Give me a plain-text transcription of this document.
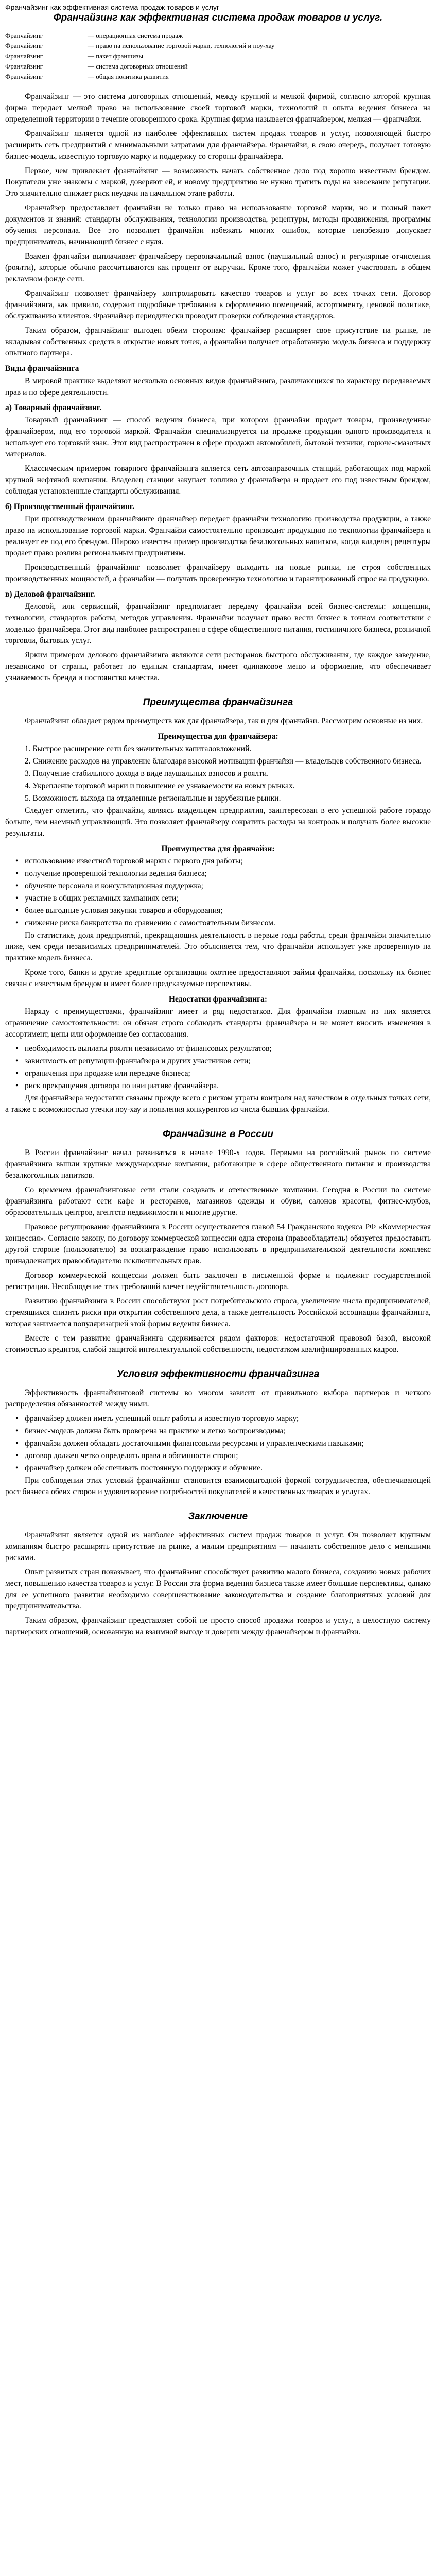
Франчайзинг как эффективная система продаж товаров и услуг
Франчайзинг как эффективная система продаж товаров и услуг.
Франчайзинг	— операционная система продаж
Франчайзинг	— право на использование торговой марки, технологий и ноу-хау
Франчайзинг	— пакет франшизы
Франчайзинг	— система договорных отношений
Франчайзинг	— общая политика развития
Франчайзинг — это система договорных отношений, между крупной и мелкой фирмой, согласно которой крупная фирма передает мелкой право на использование своей торговой марки, технологий и опыта ведения бизнеса на определенной территории в течение оговоренного срока. Крупная фирма называется франчайзером, мелкая — франчайзи.
Франчайзинг является одной из наиболее эффективных систем продаж товаров и услуг, позволяющей быстро расширить сеть предприятий с минимальными затратами для франчайзера. Франчайзи, в свою очередь, получает готовую бизнес-модель, известную торговую марку и поддержку со стороны франчайзера.
Первое, чем привлекает франчайзинг — возможность начать собственное дело под хорошо известным брендом. Покупатели уже знакомы с маркой, доверяют ей, и новому предприятию не нужно тратить годы на завоевание репутации. Это значительно снижает риск неудачи на начальном этапе работы.
Франчайзер предоставляет франчайзи не только право на использование торговой марки, но и полный пакет документов и знаний: стандарты обслуживания, технологии производства, рецептуры, методы продвижения, программы обучения персонала. Все это позволяет франчайзи избежать многих ошибок, которые неизбежно допускает предприниматель, начинающий бизнес с нуля.
Взамен франчайзи выплачивает франчайзеру первоначальный взнос (паушальный взнос) и регулярные отчисления (роялти), которые обычно рассчитываются как процент от выручки. Кроме того, франчайзи может участвовать в общем рекламном фонде сети.
Франчайзинг позволяет франчайзеру контролировать качество товаров и услуг во всех точках сети. Договор франчайзинга, как правило, содержит подробные требования к оформлению помещений, ассортименту, ценовой политике, обслуживанию клиентов. Франчайзер периодически проводит проверки соблюдения стандартов.
Таким образом, франчайзинг выгоден обеим сторонам: франчайзер расширяет свое присутствие на рынке, не вкладывая собственных средств в открытие новых точек, а франчайзи получает отработанную модель бизнеса и поддержку опытного партнера.
Виды франчайзинга
В мировой практике выделяют несколько основных видов франчайзинга, различающихся по характеру передаваемых прав и по сфере деятельности.
а) Товарный франчайзинг.
Товарный франчайзинг — способ ведения бизнеса, при котором франчайзи продает товары, произведенные франчайзером, под его торговой маркой. Франчайзи специализируется на продаже продукции одного производителя и использует его торговый знак. Этот вид распространен в сфере продажи автомобилей, бытовой техники, горюче-смазочных материалов.
Классическим примером товарного франчайзинга является сеть автозаправочных станций, работающих под маркой крупной нефтяной компании. Владелец станции закупает топливо у франчайзера и продает его под известным брендом, соблюдая установленные стандарты обслуживания.
б) Производственный франчайзинг.
При производственном франчайзинге франчайзер передает франчайзи технологию производства продукции, а также право на использование торговой марки. Франчайзи самостоятельно производит продукцию по технологии франчайзера и реализует ее под его брендом. Широко известен пример производства безалкогольных напитков, когда владелец рецептуры продает право розлива региональным предприятиям.
Производственный франчайзинг позволяет франчайзеру выходить на новые рынки, не строя собственных производственных мощностей, а франчайзи — получать проверенную технологию и гарантированный спрос на продукцию.
в) Деловой франчайзинг.
Деловой, или сервисный, франчайзинг предполагает передачу франчайзи всей бизнес-системы: концепции, технологии, стандартов работы, методов управления. Франчайзи получает право вести бизнес в точном соответствии с моделью франчайзера. Этот вид наиболее распространен в сфере общественного питания, гостиничного бизнеса, розничной торговли, бытовых услуг.
Ярким примером делового франчайзинга являются сети ресторанов быстрого обслуживания, где каждое заведение, независимо от страны, работает по единым стандартам, имеет одинаковое меню и оформление, что обеспечивает узнаваемость бренда и постоянство качества.
Преимущества франчайзинга
Франчайзинг обладает рядом преимуществ как для франчайзера, так и для франчайзи. Рассмотрим основные из них.
Преимущества для франчайзера:
1. Быстрое расширение сети без значительных капиталовложений.
2. Снижение расходов на управление благодаря высокой мотивации франчайзи — владельцев собственного бизнеса.
3. Получение стабильного дохода в виде паушальных взносов и роялти.
4. Укрепление торговой марки и повышение ее узнаваемости на новых рынках.
5. Возможность выхода на отдаленные региональные и зарубежные рынки.
Следует отметить, что франчайзи, являясь владельцем предприятия, заинтересован в его успешной работе гораздо больше, чем наемный управляющий. Это позволяет франчайзеру сократить расходы на контроль и получать более высокие результаты.
Преимущества для франчайзи:
• использование известной торговой марки с первого дня работы;
• получение проверенной технологии ведения бизнеса;
• обучение персонала и консультационная поддержка;
• участие в общих рекламных кампаниях сети;
• более выгодные условия закупки товаров и оборудования;
• снижение риска банкротства по сравнению с самостоятельным бизнесом.
По статистике, доля предприятий, прекращающих деятельность в первые годы работы, среди франчайзи значительно ниже, чем среди независимых предпринимателей. Это объясняется тем, что франчайзи использует уже проверенную на практике модель бизнеса.
Кроме того, банки и другие кредитные организации охотнее предоставляют займы франчайзи, поскольку их бизнес связан с известным брендом и имеет более предсказуемые перспективы.
Недостатки франчайзинга:
Наряду с преимуществами, франчайзинг имеет и ряд недостатков. Для франчайзи главным из них является ограничение самостоятельности: он обязан строго соблюдать стандарты франчайзера и не может вносить изменения в ассортимент, цены или оформление без согласования.
• необходимость выплаты роялти независимо от финансовых результатов;
• зависимость от репутации франчайзера и других участников сети;
• ограничения при продаже или передаче бизнеса;
• риск прекращения договора по инициативе франчайзера.
Для франчайзера недостатки связаны прежде всего с риском утраты контроля над качеством в отдельных точках сети, а также с возможностью утечки ноу-хау и появления конкурентов из числа бывших франчайзи.
Франчайзинг в России
В России франчайзинг начал развиваться в начале 1990-х годов. Первыми на российский рынок по системе франчайзинга вышли крупные международные компании, работающие в сфере общественного питания и производства безалкогольных напитков.
Со временем франчайзинговые сети стали создавать и отечественные компании. Сегодня в России по системе франчайзинга работают сети кафе и ресторанов, магазинов одежды и обуви, салонов красоты, фитнес-клубов, образовательных центров, агентств недвижимости и многие другие.
Правовое регулирование франчайзинга в России осуществляется главой 54 Гражданского кодекса РФ «Коммерческая концессия». Согласно закону, по договору коммерческой концессии одна сторона (правообладатель) обязуется предоставить другой стороне (пользователю) за вознаграждение право использовать в предпринимательской деятельности комплекс принадлежащих правообладателю исключительных прав.
Договор коммерческой концессии должен быть заключен в письменной форме и подлежит государственной регистрации. Несоблюдение этих требований влечет недействительность договора.
Развитию франчайзинга в России способствуют рост потребительского спроса, увеличение числа предпринимателей, стремящихся снизить риски при открытии собственного дела, а также деятельность Российской ассоциации франчайзинга, которая занимается популяризацией этой формы ведения бизнеса.
Вместе с тем развитие франчайзинга сдерживается рядом факторов: недостаточной правовой базой, высокой стоимостью кредитов, слабой защитой интеллектуальной собственности, недостатком квалифицированных кадров.
Условия эффективности франчайзинга
Эффективность франчайзинговой системы во многом зависит от правильного выбора партнеров и четкого распределения обязанностей между ними.
• франчайзер должен иметь успешный опыт работы и известную торговую марку;
• бизнес-модель должна быть проверена на практике и легко воспроизводима;
• франчайзи должен обладать достаточными финансовыми ресурсами и управленческими навыками;
• договор должен четко определять права и обязанности сторон;
• франчайзер должен обеспечивать постоянную поддержку и обучение.
При соблюдении этих условий франчайзинг становится взаимовыгодной формой сотрудничества, обеспечивающей рост бизнеса обеих сторон и удовлетворение потребностей покупателей в качественных товарах и услугах.
Заключение
Франчайзинг является одной из наиболее эффективных систем продаж товаров и услуг. Он позволяет крупным компаниям быстро расширять присутствие на рынке, а малым предприятиям — начинать собственное дело с меньшими рисками.
Опыт развитых стран показывает, что франчайзинг способствует развитию малого бизнеса, созданию новых рабочих мест, повышению качества товаров и услуг. В России эта форма ведения бизнеса также имеет большие перспективы, однако для ее успешного развития необходимо совершенствование законодательства и создание благоприятных условий для предпринимательства.
Таким образом, франчайзинг представляет собой не просто способ продажи товаров и услуг, а целостную систему партнерских отношений, основанную на взаимной выгоде и доверии между франчайзером и франчайзи.
